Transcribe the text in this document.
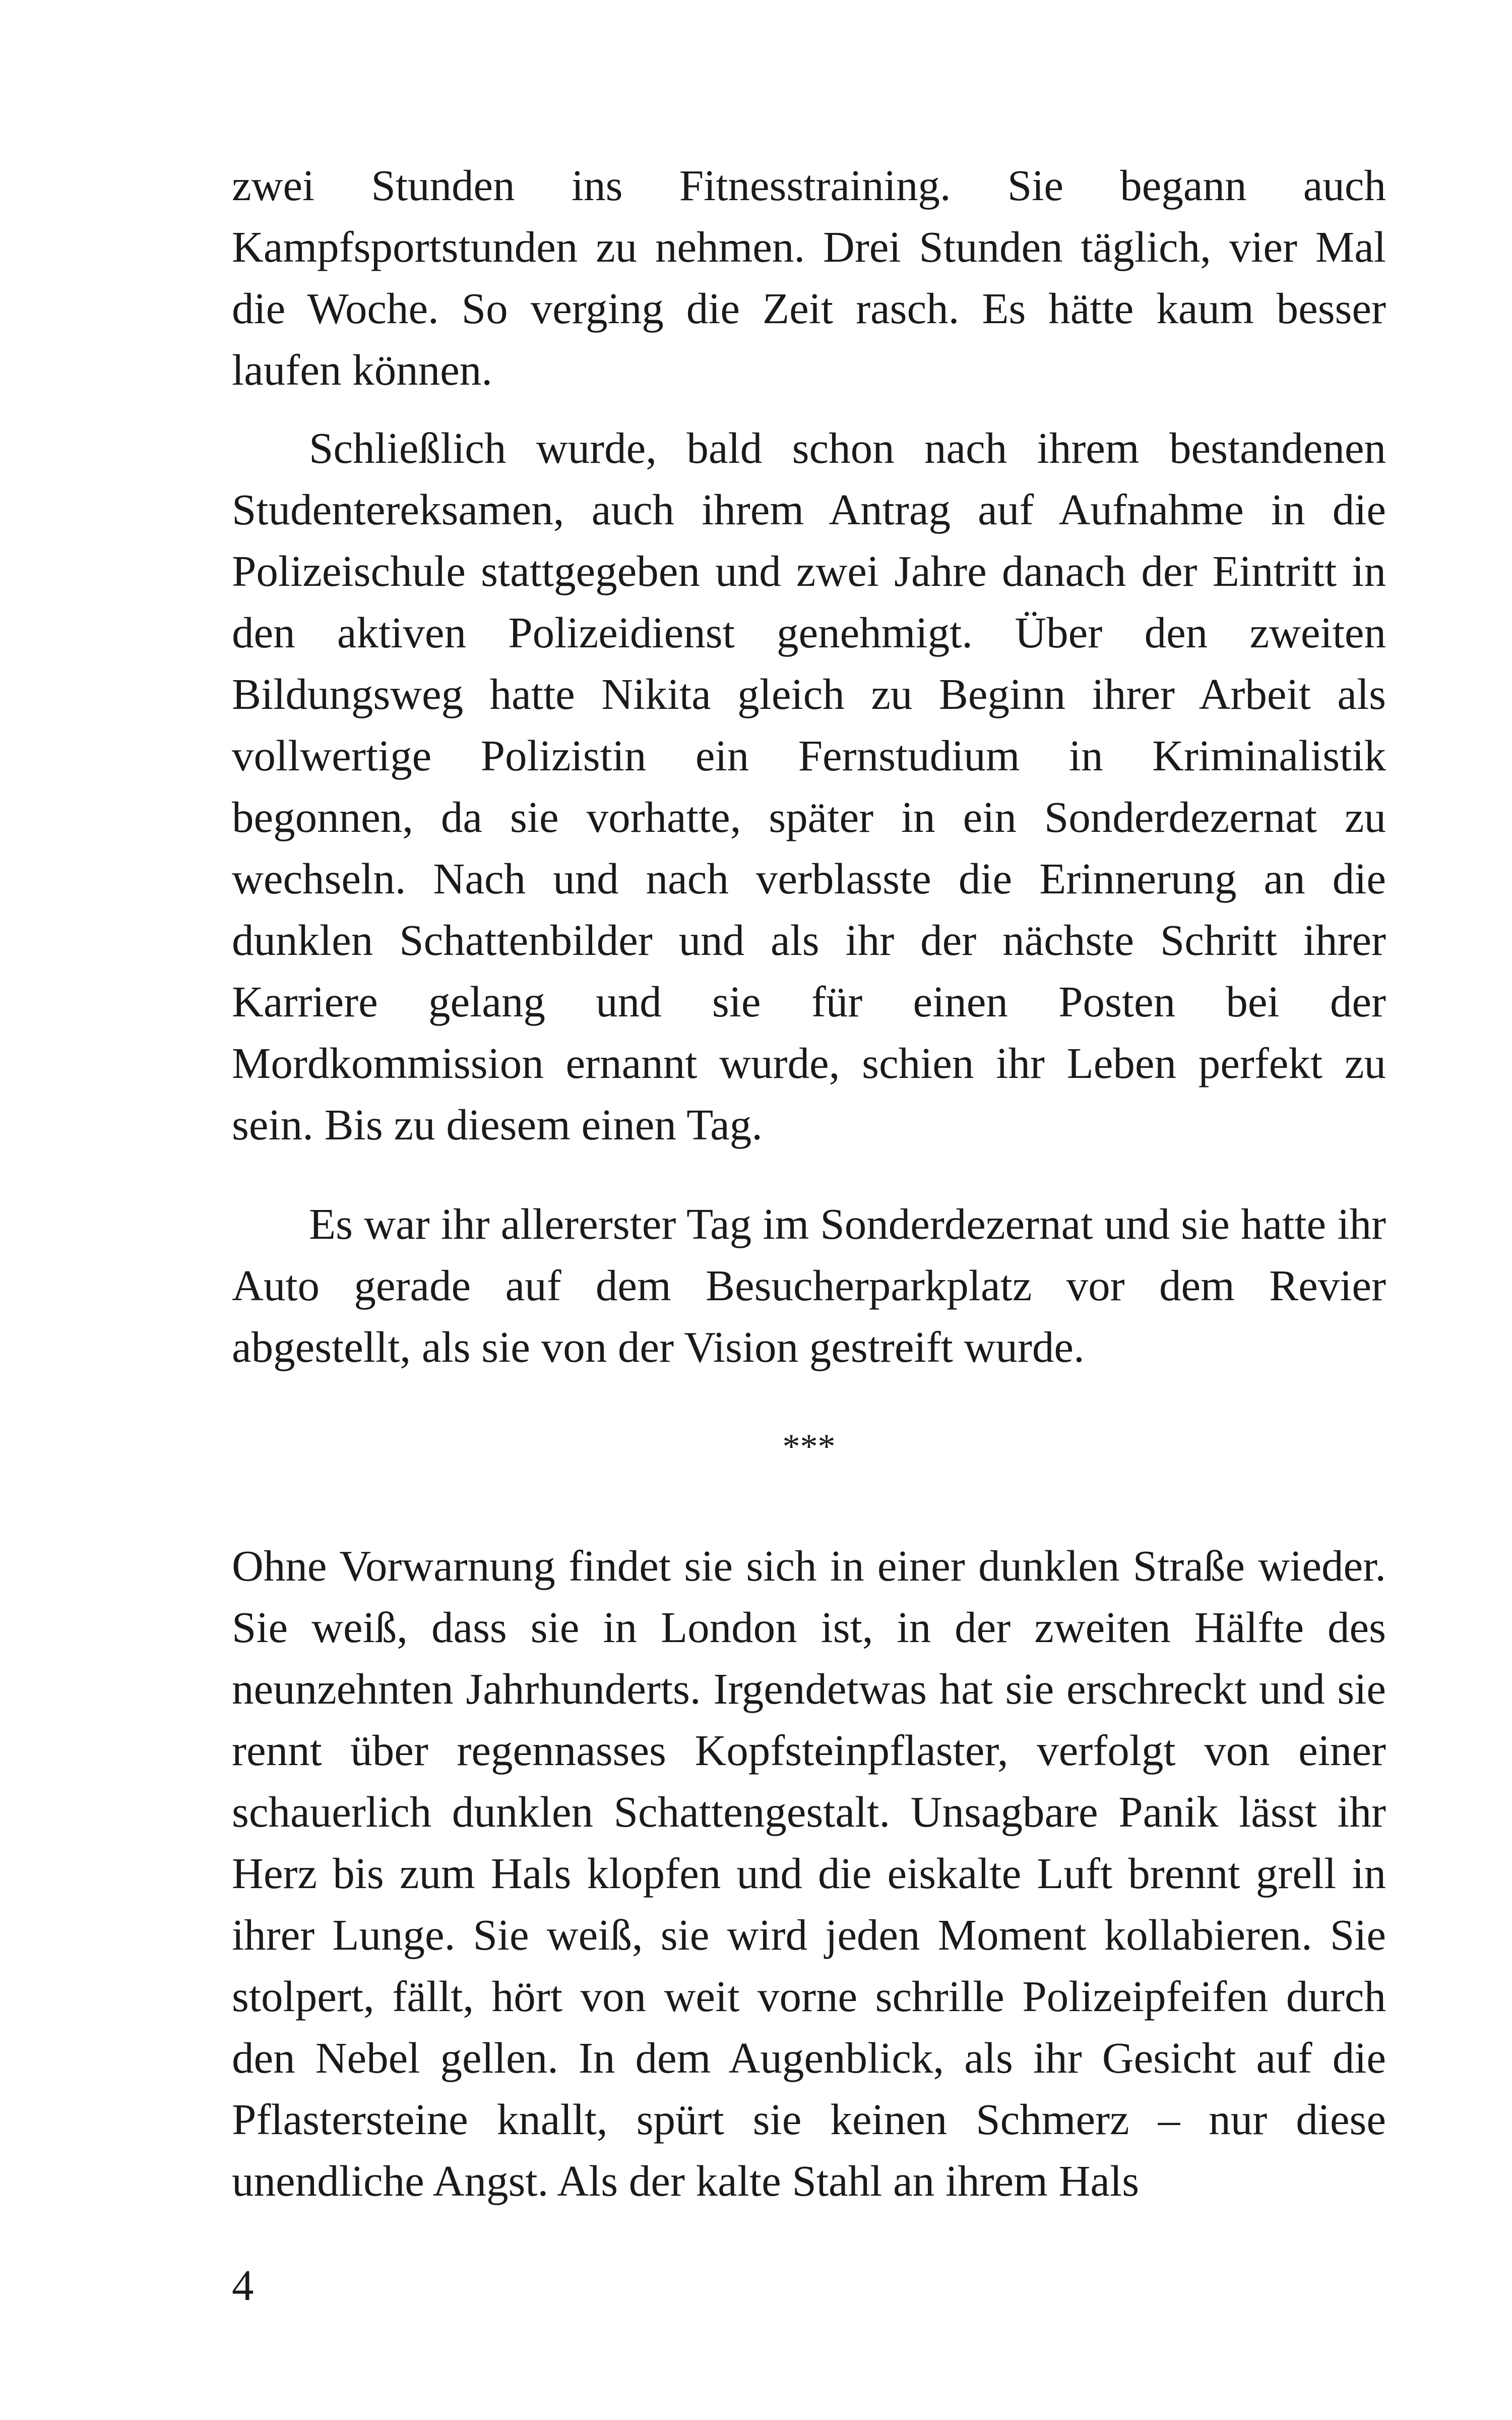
zwei Stunden ins Fitnesstraining. Sie begann auch Kampfsportstunden zu nehmen. Drei Stunden täglich, vier Mal die Woche. So verging die Zeit rasch. Es hätte kaum besser laufen können.

Schließlich wurde, bald schon nach ihrem bestandenen Studentereksamen, auch ihrem Antrag auf Aufnahme in die Polizeischule stattgegeben und zwei Jahre danach der Eintritt in den aktiven Polizeidienst genehmigt. Über den zweiten Bildungsweg hatte Nikita gleich zu Beginn ihrer Arbeit als vollwertige Polizistin ein Fernstudium in Kriminalistik begonnen, da sie vorhatte, später in ein Sonderdezernat zu wechseln. Nach und nach verblasste die Erinnerung an die dunklen Schattenbilder und als ihr der nächste Schritt ihrer Karriere gelang und sie für einen Posten bei der Mordkommission ernannt wurde, schien ihr Leben perfekt zu sein. Bis zu diesem einen Tag.

Es war ihr allererster Tag im Sonderdezernat und sie hatte ihr Auto gerade auf dem Besucherparkplatz vor dem Revier abgestellt, als sie von der Vision gestreift wurde.

***

Ohne Vorwarnung findet sie sich in einer dunklen Straße wieder. Sie weiß, dass sie in London ist, in der zweiten Hälfte des neunzehnten Jahrhunderts. Irgendetwas hat sie erschreckt und sie rennt über regennasses Kopfsteinpflaster, verfolgt von einer schauerlich dunklen Schattengestalt. Unsagbare Panik lässt ihr Herz bis zum Hals klopfen und die eiskalte Luft brennt grell in ihrer Lunge. Sie weiß, sie wird jeden Moment kollabieren. Sie stolpert, fällt, hört von weit vorne schrille Polizeipfeifen durch den Nebel gellen. In dem Augenblick, als ihr Gesicht auf die Pflastersteine knallt, spürt sie keinen Schmerz – nur diese unendliche Angst. Als der kalte Stahl an ihrem Hals

4
